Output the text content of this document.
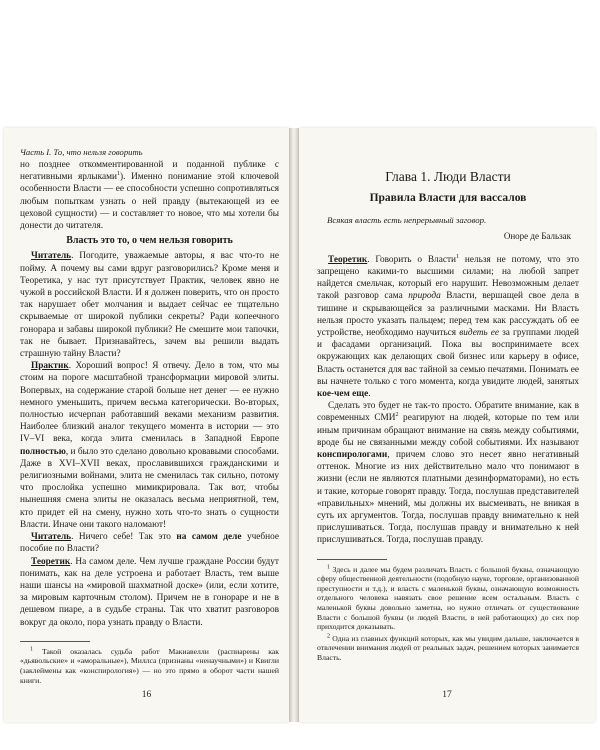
Часть I. То, что нельзя говорить

но позднее откомментированной и поданной публике с негативными ярлыками$^1$). Именно понимание этой ключевой особенности Власти — ее способности успешно сопротивляться любым попыткам узнать о ней правду (вытекающей из ее цеховой сущности) — и составляет то новое, что мы хотели бы донести до читателя.

Власть это то, о чем нельзя говорить

Читатель. Погодите, уважаемые авторы, я вас что-то не пойму. А почему вы сами вдруг разговорились? Кроме меня и Теоретика, у нас тут присутствует Практик, человек явно не чужой в российской Власти. И я должен поверить, что он просто так нарушает обет молчания и выдает сейчас ее тщательно скрываемые от широкой публики секреты? Ради копеечного гонорара и забавы широкой публики? Не смешите мои тапочки, так не бывает. Признавайтесь, зачем вы решили выдать страшную тайну Власти?

Практик. Хороший вопрос! Я отвечу. Дело в том, что мы стоим на пороге масштабной трансформации мировой элиты. Вопервых, на содержание старой больше нет денег — ее нужно немного уменьшить, причем весьма категорически. Во-вторых, полностью исчерпан работавший веками механизм развития. Наиболее близкий аналог текущего момента в истории — это IV–VI века, когда элита сменилась в Западной Европе полностью, и было это сделано довольно кровавыми способами. Даже в XVI–XVII веках, прославившихся гражданскими и религиозными войнами, элита не сменилась так сильно, потому что прослойка успешно мимикрировала. Так вот, чтобы нынешняя смена элиты не оказалась весьма неприятной, тем, кто придет ей на смену, нужно хоть что-то знать о сущности Власти. Иначе они такого наломают!

Читатель. Ничего себе! Так это на самом деле учебное пособие по Власти?

Теоретик. На самом деле. Чем лучше граждане России будут понимать, как на деле устроена и работает Власть, тем выше наши шансы на «мировой шахматной доске» (или, если хотите, за мировым карточным столом). Причем не в гонораре и не в дешевом пиаре, а в судьбе страны. Так что хватит разговоров вокруг да около, пора узнать правду о Власти.

$^1$ Такой оказалась судьба работ Макиавелли (распиарены как «дьявольские» и «аморальные»), Миллса (признаны «ненаучными») и Квигли (заклеймены как «конспирология») — но это прямо в оборот части нашей книги.

16
Глава 1. Люди Власти
Правила Власти для вассалов
Всякая власть есть непрерывный заговор.
Оноре де Бальзак

Теоретик. Говорить о Власти$^1$ нельзя не потому, что это запрещено какими-то высшими силами; на любой запрет найдется смельчак, который его нарушит. Невозможным делает такой разговор сама природа Власти, вершащей свое дела в тишине и скрывающейся за различными масками. Ни Власть нельзя просто указать пальцем; перед тем как рассуждать об ее устройстве, необходимо научиться видеть ее за группами людей и фасадами организаций. Пока вы воспринимаете всех окружающих как делающих свой бизнес или карьеру в офисе, Власть останется для вас тайной за семью печатями. Понимать ее вы начнете только с того момента, когда увидите людей, занятых кое-чем еще.

Сделать это будет не так-то просто. Обратите внимание, как в современных СМИ$^2$ реагируют на людей, которые по тем или иным причинам обращают внимание на связь между событиями, вроде бы не связанными между собой событиями. Их называют конспирологами, причем слово это несет явно негативный оттенок. Многие из них действительно мало что понимают в жизни (если не являются платными дезинформаторами), но есть и такие, которые говорят правду. Тогда, послушав представителей «правильных» мнений, мы должны их высмеивать, не вникая в суть их аргументов. Тогда, послушав правду внимательно к ней прислушиваться. Тогда, послушав правду и внимательно к ней прислушиваться. Тогда, послушав правду.

$^1$ Здесь и далее мы будем различать Власть с большой буквы, означающую сферу общественной деятельности (подобную науке, торговле, организованной преступности и т.д.), и власть с маленькой буквы, означающую возможность отдельного человека навязать свое решение всем остальным. Власть с маленькой буквы довольно заметна, но нужно отличать от существование Власти с большой буквы (и людей Власти, в ней работающих) до сих пор приходится доказывать.

$^2$ Одна из главных функций которых, как мы увидим дальше, заключается в отвлечении внимания людей от реальных задач, решением которых занимается Власть.

17
